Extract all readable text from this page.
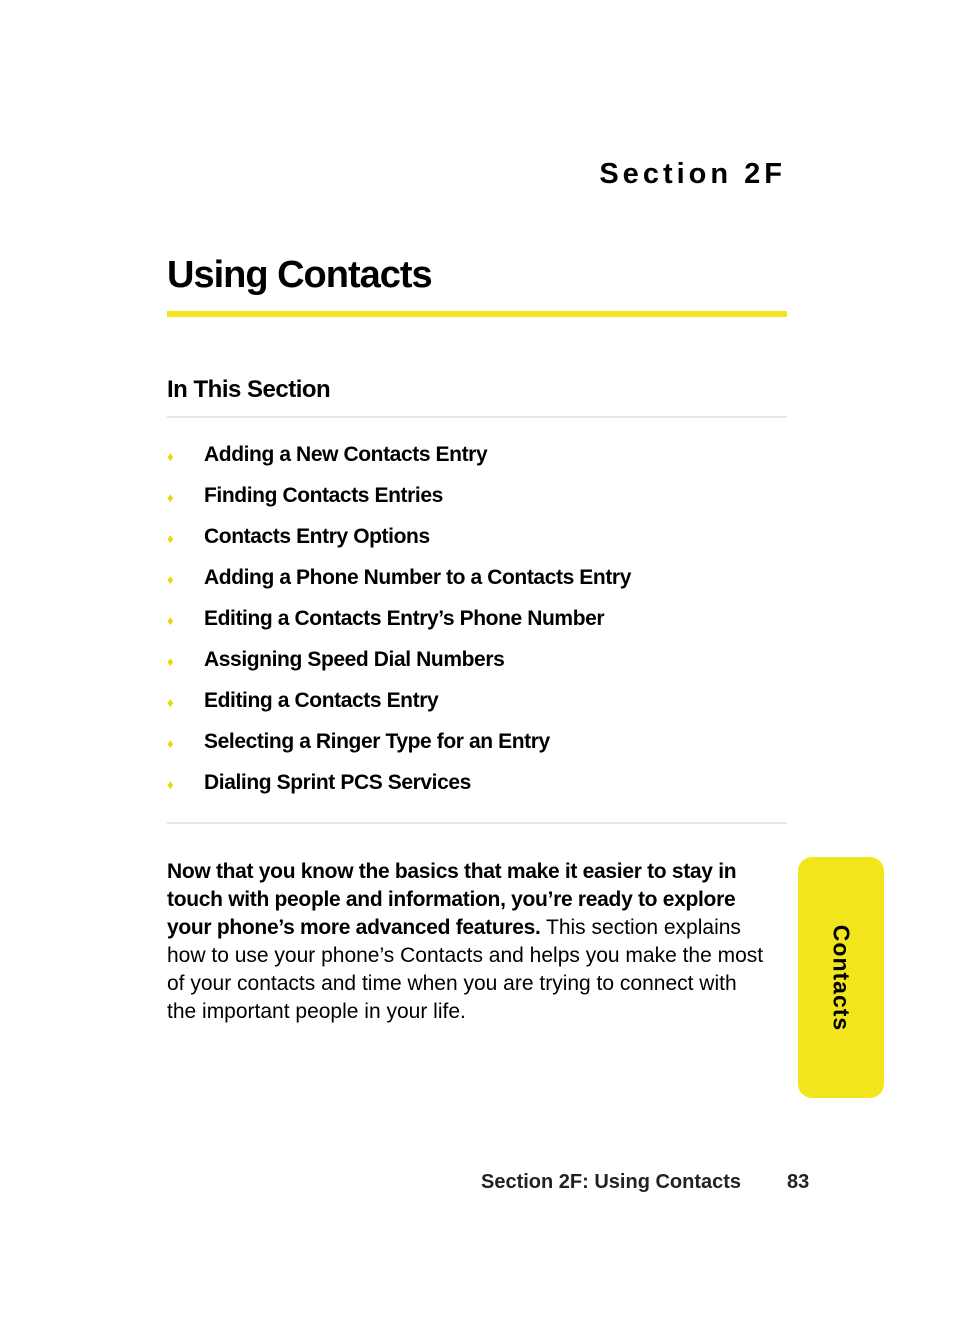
Section 2F
Using Contacts
In This Section
♦	Adding a New Contacts Entry
♦	Finding Contacts Entries
♦	Contacts Entry Options
♦	Adding a Phone Number to a Contacts Entry
♦	Editing a Contacts Entry’s Phone Number
♦	Assigning Speed Dial Numbers
♦	Editing a Contacts Entry
♦	Selecting a Ringer Type for an Entry
♦	Dialing Sprint PCS Services

Now that you know the basics that make it easier to stay in touch with people and information, you’re ready to explore your phone’s more advanced features. This section explains how to use your phone’s Contacts and helps you make the most of your contacts and time when you are trying to connect with the important people in your life.	Contacts
Section 2F: Using Contacts 83
